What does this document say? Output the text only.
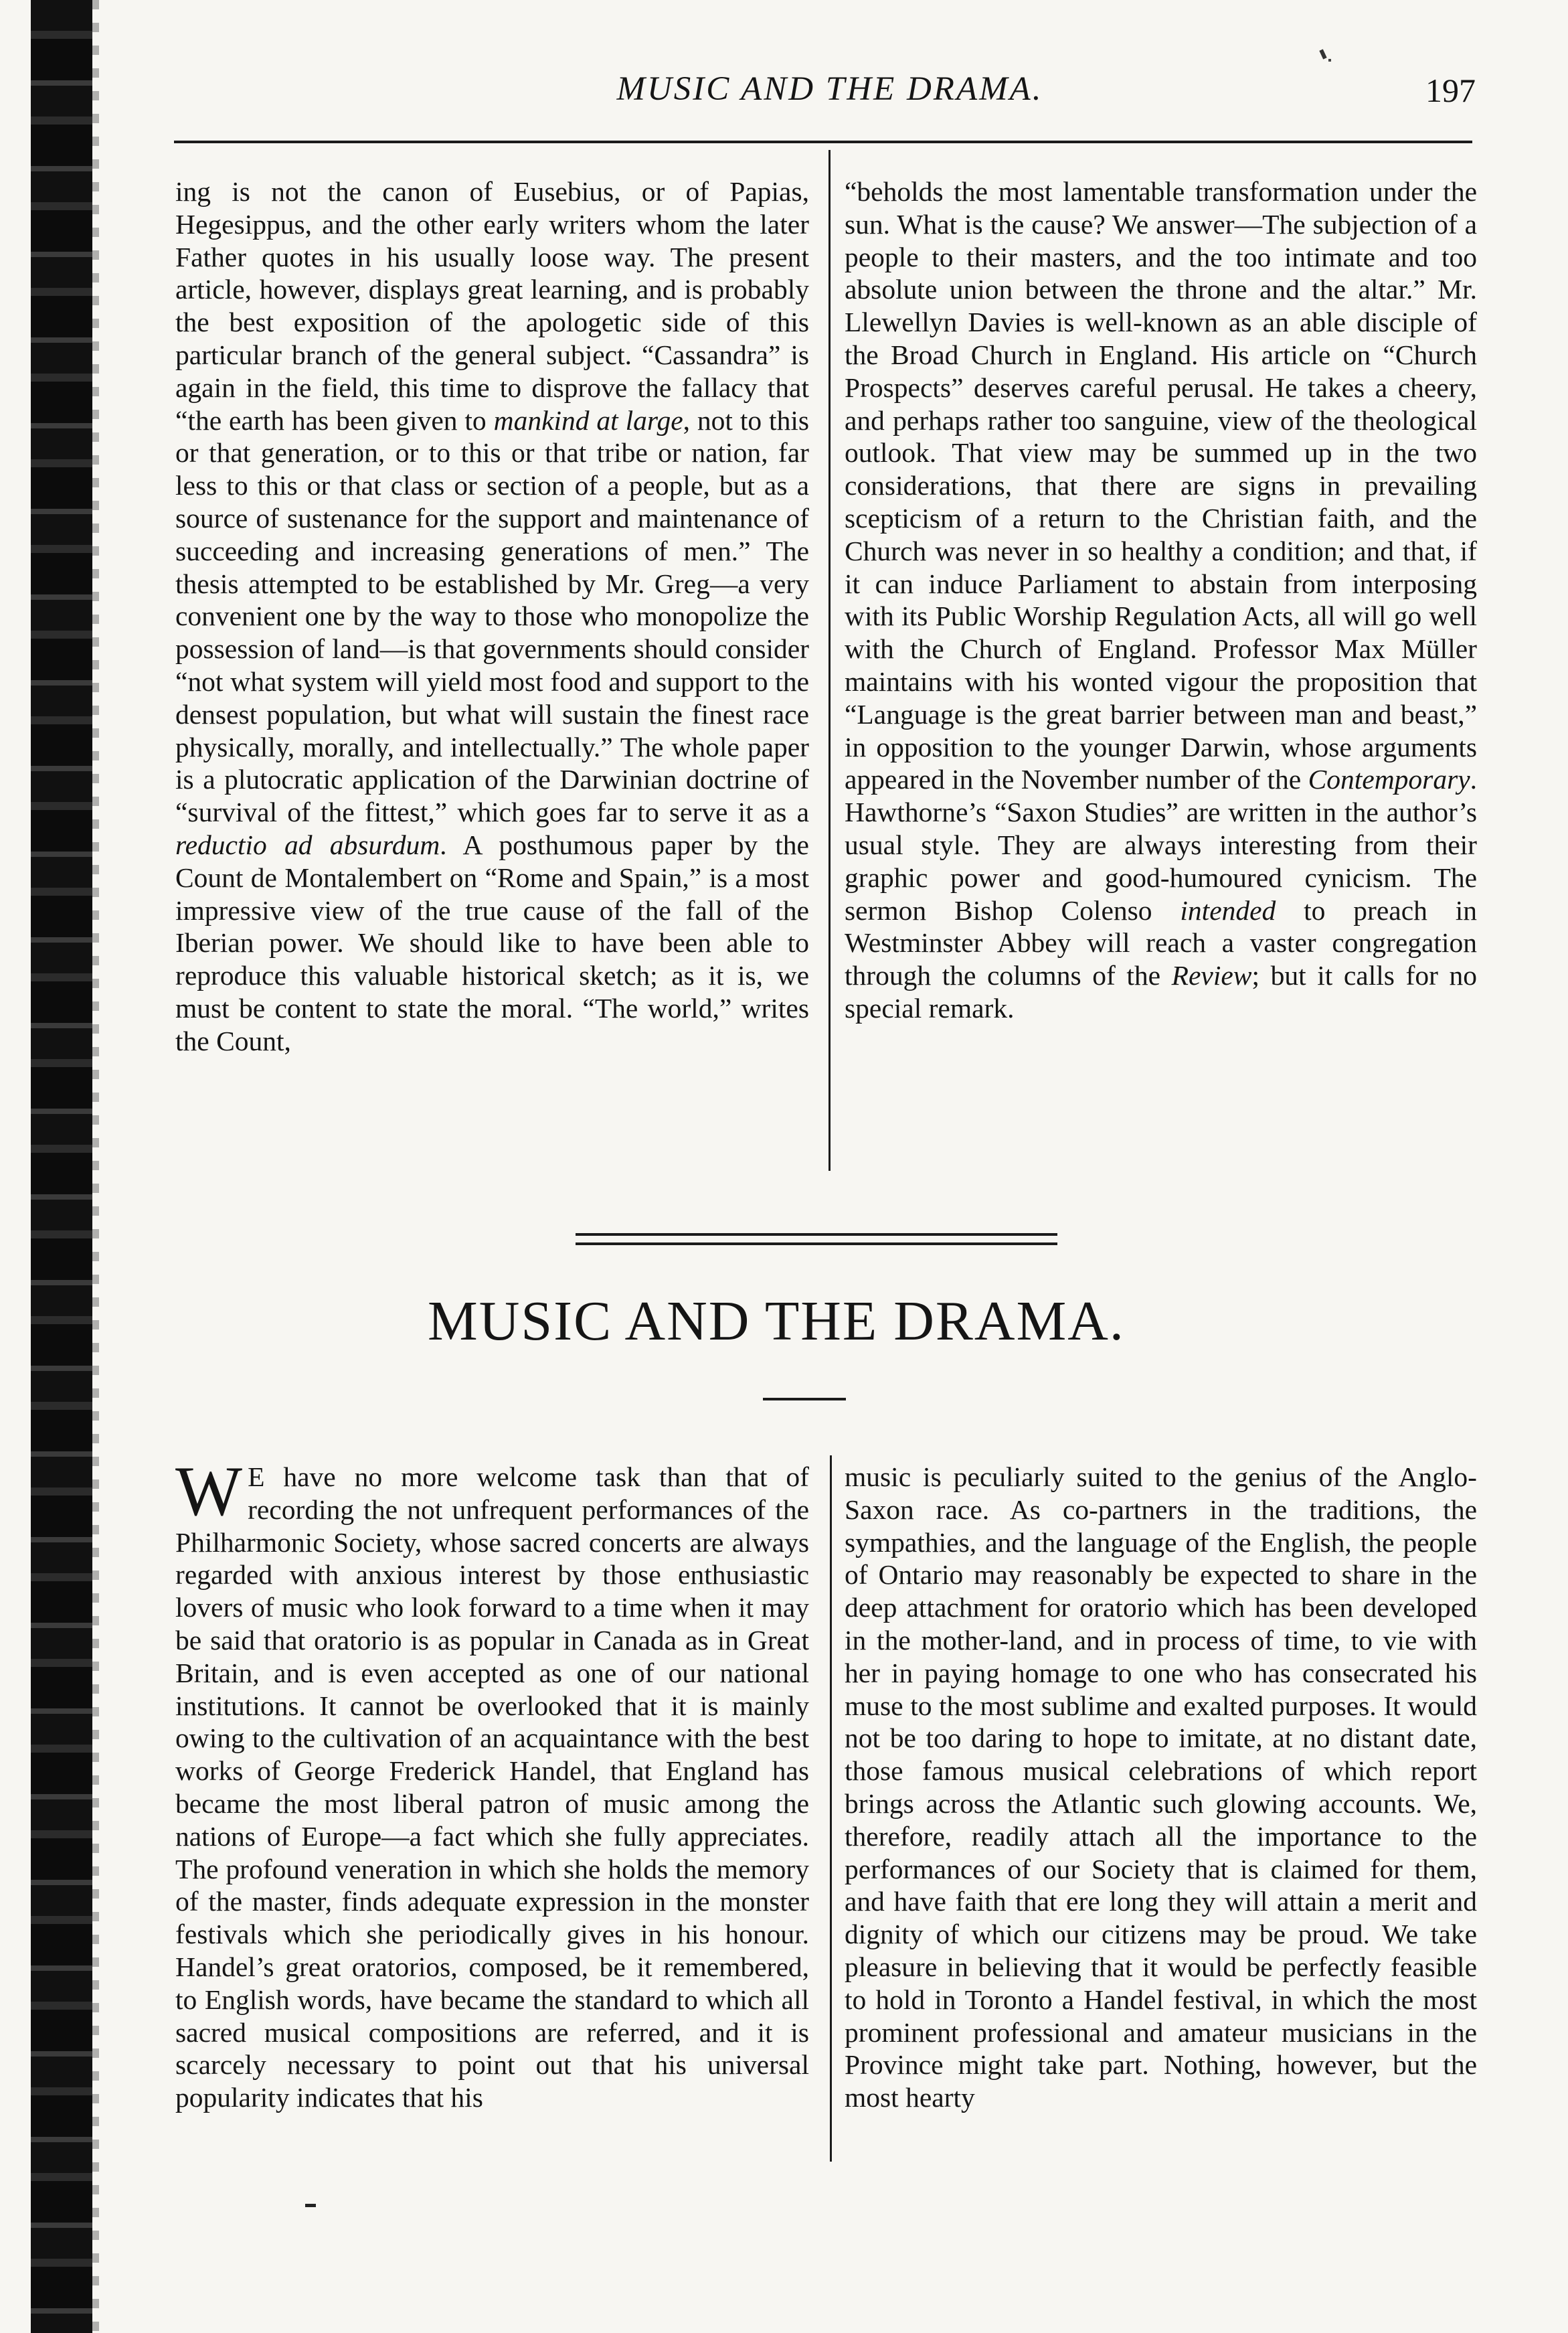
MUSIC AND THE DRAMA.	197

ing is not the canon of Eusebius, or of Papias, Hegesippus, and the other early writers whom the later Father quotes in his usually loose way. The present article, however, displays great learning, and is probably the best exposition of the apologetic side of this particular branch of the general subject. “Cassandra” is again in the field, this time to disprove the fallacy that “the earth has been given to mankind at large, not to this or that generation, or to this or that tribe or nation, far less to this or that class or section of a people, but as a source of sustenance for the support and maintenance of succeeding and increasing generations of men.” The thesis attempted to be established by Mr. Greg—a very convenient one by the way to those who monopolize the possession of land—is that governments should consider “not what system will yield most food and support to the densest population, but what will sustain the finest race physically, morally, and intellectually.” The whole paper is a plutocratic application of the Darwinian doctrine of “survival of the fittest,” which goes far to serve it as a reductio ad absurdum. A posthumous paper by the Count de Montalembert on “Rome and Spain,” is a most impressive view of the true cause of the fall of the Iberian power. We should like to have been able to reproduce this valuable historical sketch; as it is, we must be content to state the moral. “The world,” writes the Count,

“beholds the most lamentable transformation under the sun. What is the cause? We answer—The subjection of a people to their masters, and the too intimate and too absolute union between the throne and the altar.” Mr. Llewellyn Davies is well-known as an able disciple of the Broad Church in England. His article on “Church Prospects” deserves careful perusal. He takes a cheery, and perhaps rather too sanguine, view of the theological outlook. That view may be summed up in the two considerations, that there are signs in prevailing scepticism of a return to the Christian faith, and the Church was never in so healthy a condition; and that, if it can induce Parliament to abstain from interposing with its Public Worship Regulation Acts, all will go well with the Church of England. Professor Max Müller maintains with his wonted vigour the proposition that “Language is the great barrier between man and beast,” in opposition to the younger Darwin, whose arguments appeared in the November number of the Contemporary. Hawthorne’s “Saxon Studies” are written in the author’s usual style. They are always interesting from their graphic power and good-humoured cynicism. The sermon Bishop Colenso intended to preach in Westminster Abbey will reach a vaster congregation through the columns of the Review; but it calls for no special remark.

MUSIC AND THE DRAMA.

W E have no more welcome task than that of recording the not unfrequent performances of the Philharmonic Society, whose sacred concerts are always regarded with anxious interest by those enthusiastic lovers of music who look forward to a time when it may be said that oratorio is as popular in Canada as in Great Britain, and is even accepted as one of our national institutions. It cannot be overlooked that it is mainly owing to the cultivation of an acquaintance with the best works of George Frederick Handel, that England has became the most liberal patron of music among the nations of Europe—a fact which she fully appreciates. The profound veneration in which she holds the memory of the master, finds adequate expression in the monster festivals which she periodically gives in his honour. Handel’s great oratorios, composed, be it remembered, to English words, have became the standard to which all sacred musical compositions are referred, and it is scarcely necessary to point out that his universal popularity indicates that his

music is peculiarly suited to the genius of the Anglo-Saxon race. As co-partners in the traditions, the sympathies, and the language of the English, the people of Ontario may reasonably be expected to share in the deep attachment for oratorio which has been developed in the mother-land, and in process of time, to vie with her in paying homage to one who has consecrated his muse to the most sublime and exalted purposes. It would not be too daring to hope to imitate, at no distant date, those famous musical celebrations of which report brings across the Atlantic such glowing accounts. We, therefore, readily attach all the importance to the performances of our Society that is claimed for them, and have faith that ere long they will attain a merit and dignity of which our citizens may be proud. We take pleasure in believing that it would be perfectly feasible to hold in Toronto a Handel festival, in which the most prominent professional and amateur musicians in the Province might take part. Nothing, however, but the most hearty
